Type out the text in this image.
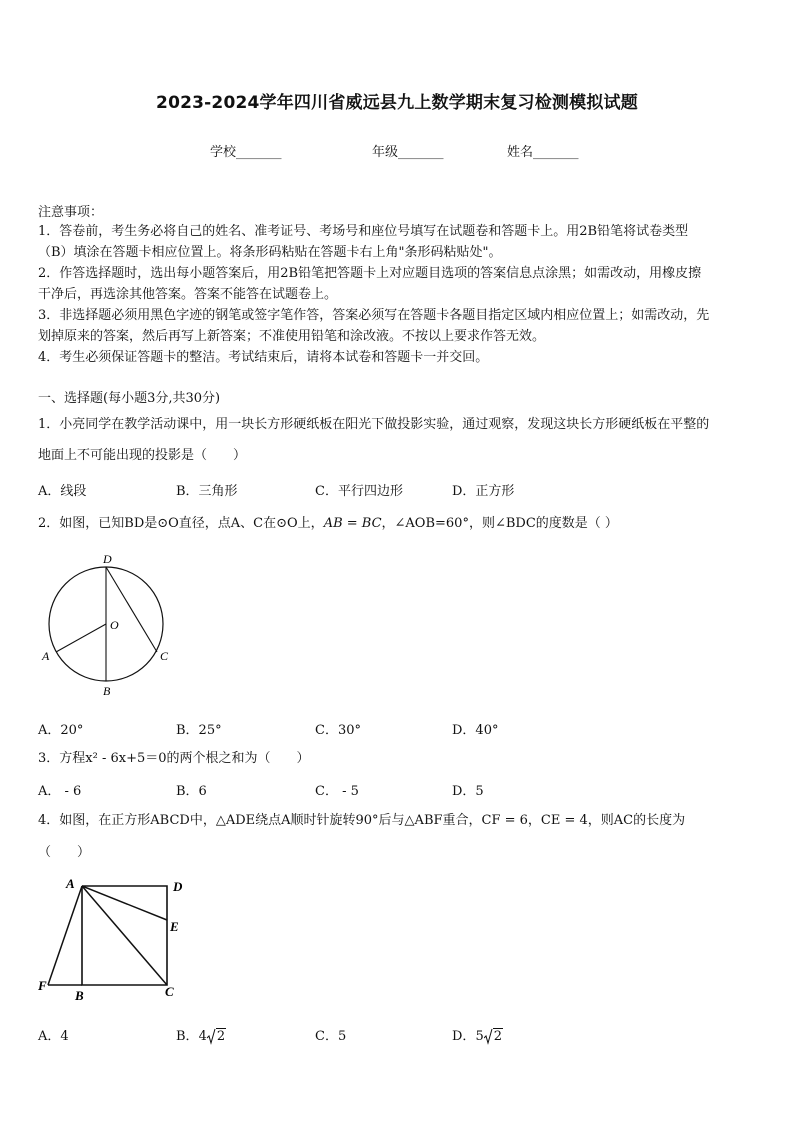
2023-2024学年四川省威远县九上数学期末复习检测模拟试题
学校_______	年级_______	姓名_______
注意事项：
1．答卷前，考生务必将自己的姓名、准考证号、考场号和座位号填写在试题卷和答题卡上。用2B铅笔将试卷类型
（B）填涂在答题卡相应位置上。将条形码粘贴在答题卡右上角"条形码粘贴处"。
2．作答选择题时，选出每小题答案后，用2B铅笔把答题卡上对应题目选项的答案信息点涂黑；如需改动，用橡皮擦
干净后，再选涂其他答案。答案不能答在试题卷上。
3．非选择题必须用黑色字迹的钢笔或签字笔作答，答案必须写在答题卡各题目指定区域内相应位置上；如需改动，先
划掉原来的答案，然后再写上新答案；不准使用铅笔和涂改液。不按以上要求作答无效。
4．考生必须保证答题卡的整洁。考试结束后，请将本试卷和答题卡一并交回。
一、选择题(每小题3分,共30分)
1．小亮同学在教学活动课中，用一块长方形硬纸板在阳光下做投影实验，通过观察，发现这块长方形硬纸板在平整的
地面上不可能出现的投影是（　　）
A．线段	B．三角形	C．平行四边形	D．正方形
2．如图，已知BD是⊙O直径，点A、C在⊙O上，AB = BC，∠AOB=60°，则∠BDC的度数是（ ）
D
O
A	C
B
A．20°	B．25°	C．30°	D．40°
3．方程x² - 6x+5＝0的两个根之和为（　　）
A． - 6	B．6	C． - 5	D．5
4．如图，在正方形ABCD中，△ADE绕点A顺时针旋转90°后与△ABF重合，CF = 6，CE = 4，则AC的长度为
（　　）
A	D
E
F
B	C
A．4	B．4 2	C．5	D．5 2
